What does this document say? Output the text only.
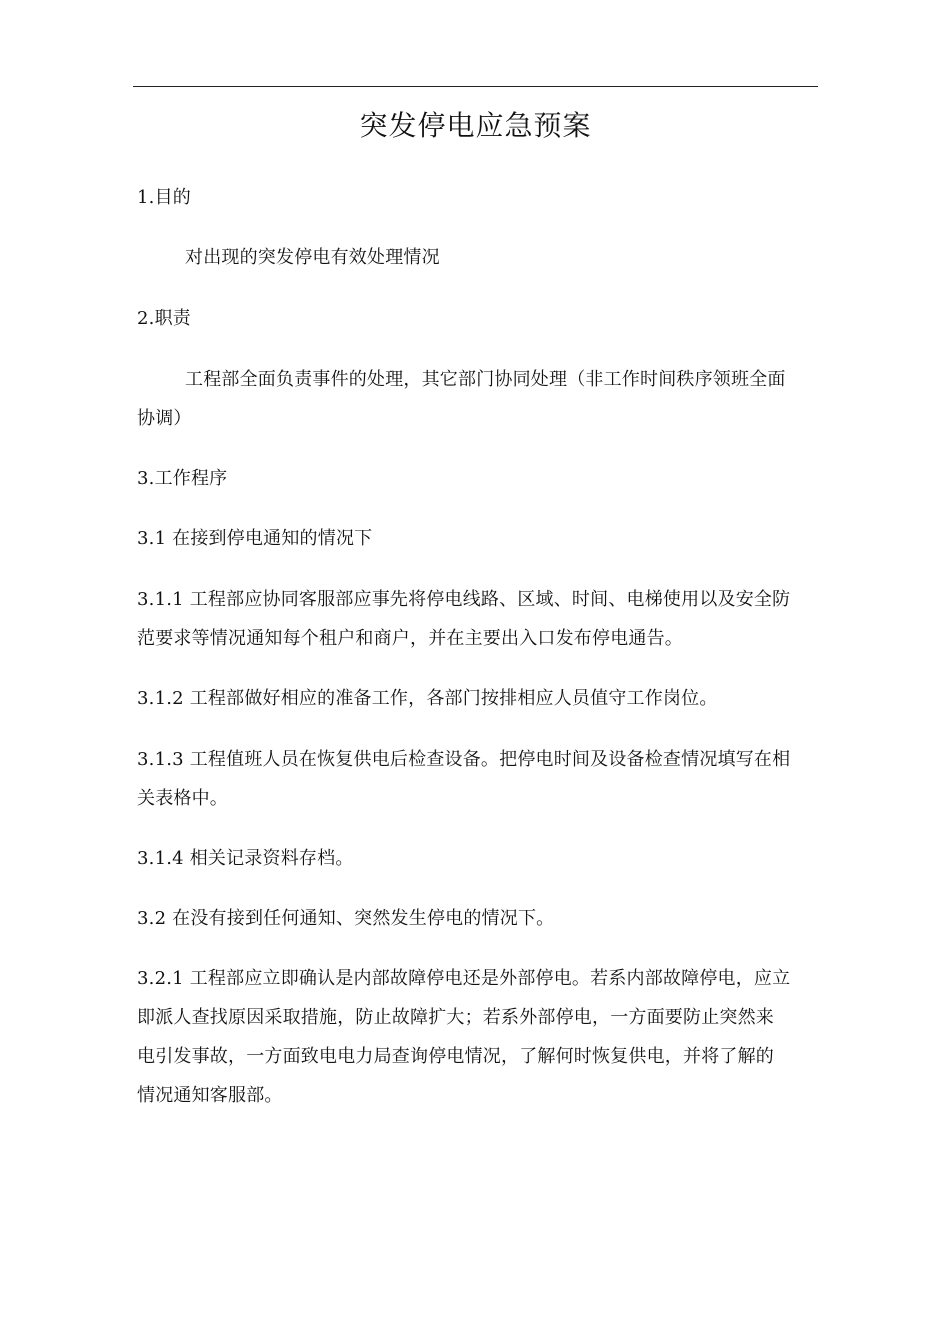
突发停电应急预案
1.目的
对出现的突发停电有效处理情况
2.职责
工程部全面负责事件的处理，其它部门协同处理（非工作时间秩序领班全面
协调）
3.工作程序
3.1 在接到停电通知的情况下
3.1.1 工程部应协同客服部应事先将停电线路、区域、时间、电梯使用以及安全防
范要求等情况通知每个租户和商户，并在主要出入口发布停电通告。
3.1.2 工程部做好相应的准备工作，各部门按排相应人员值守工作岗位。
3.1.3 工程值班人员在恢复供电后检查设备。把停电时间及设备检查情况填写在相
关表格中。
3.1.4 相关记录资料存档。
3.2 在没有接到任何通知、突然发生停电的情况下。
3.2.1 工程部应立即确认是内部故障停电还是外部停电。若系内部故障停电，应立
即派人查找原因采取措施，防止故障扩大；若系外部停电，一方面要防止突然来
电引发事故，一方面致电电力局查询停电情况，了解何时恢复供电，并将了解的
情况通知客服部。
